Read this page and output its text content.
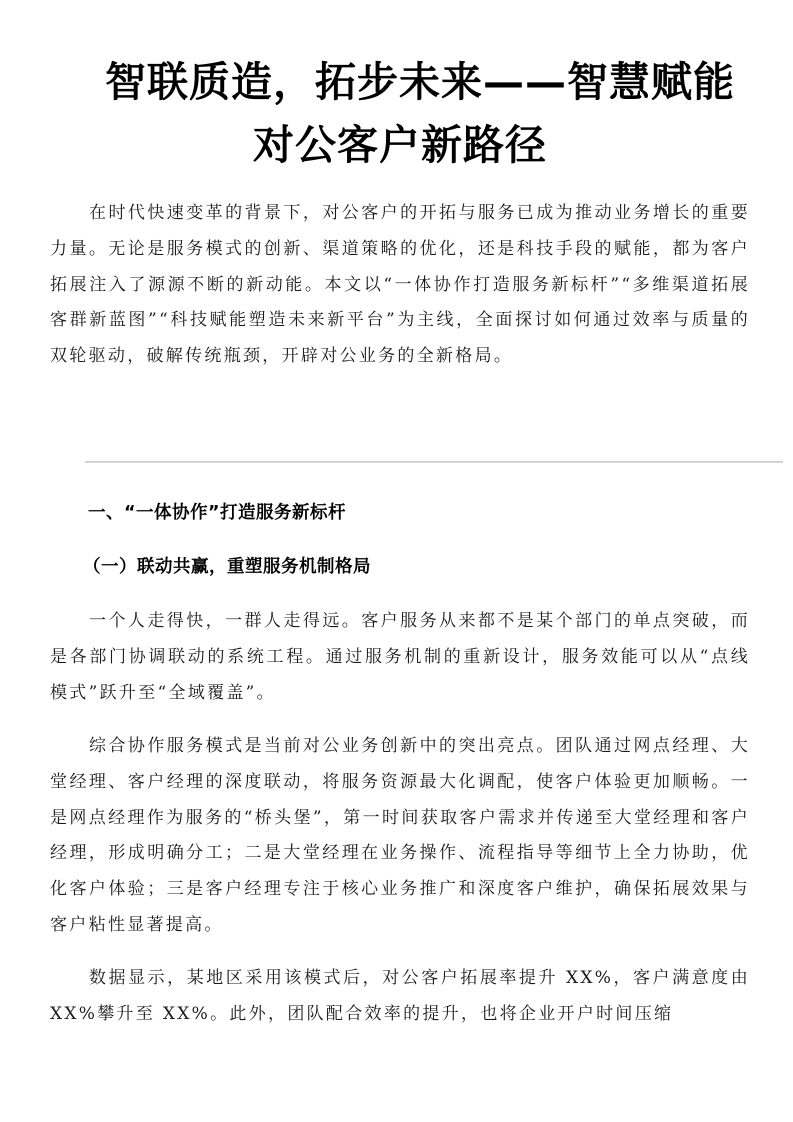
智联质造，拓步未来——智慧赋能
对公客户新路径

在时代快速变革的背景下，对公客户的开拓与服务已成为推动业务增长的重要力量。无论是服务模式的创新、渠道策略的优化，还是科技手段的赋能，都为客户拓展注入了源源不断的新动能。本文以“一体协作打造服务新标杆”“多维渠道拓展客群新蓝图”“科技赋能塑造未来新平台”为主线，全面探讨如何通过效率与质量的双轮驱动，破解传统瓶颈，开辟对公业务的全新格局。

一、“一体协作”打造服务新标杆
（一）联动共赢，重塑服务机制格局

一个人走得快，一群人走得远。客户服务从来都不是某个部门的单点突破，而是各部门协调联动的系统工程。通过服务机制的重新设计，服务效能可以从“点线模式”跃升至“全域覆盖”。

综合协作服务模式是当前对公业务创新中的突出亮点。团队通过网点经理、大堂经理、客户经理的深度联动，将服务资源最大化调配，使客户体验更加顺畅。一是网点经理作为服务的“桥头堡”，第一时间获取客户需求并传递至大堂经理和客户经理，形成明确分工；二是大堂经理在业务操作、流程指导等细节上全力协助，优化客户体验；三是客户经理专注于核心业务推广和深度客户维护，确保拓展效果与客户粘性显著提高。

数据显示，某地区采用该模式后，对公客户拓展率提升 XX%，客户满意度由 XX%攀升至 XX%。此外，团队配合效率的提升，也将企业开户时间压缩
